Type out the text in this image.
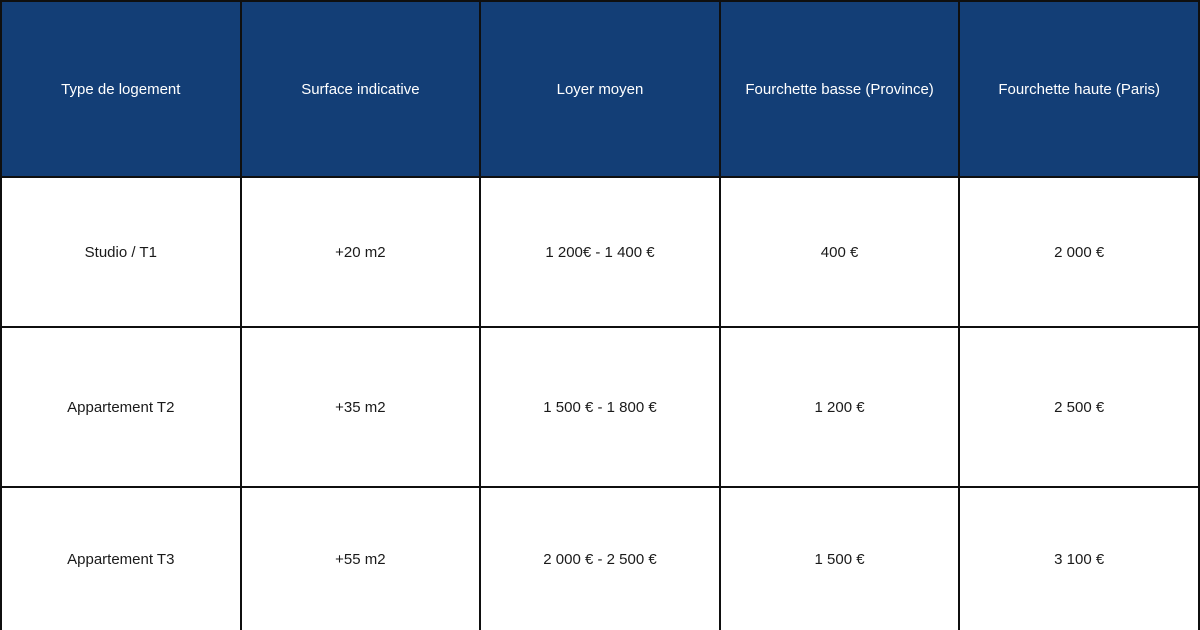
Type de logement	Surface indicative	Loyer moyen	Fourchette basse (Province)	Fourchette haute (Paris)
Studio / T1	+20 m2	1 200€ - 1 400 €	400 €	2 000 €
Appartement T2	+35 m2	1 500 € - 1 800 €	1 200 €	2 500 €
Appartement T3	+55 m2	2 000 € - 2 500 €	1 500 €	3 100 €
